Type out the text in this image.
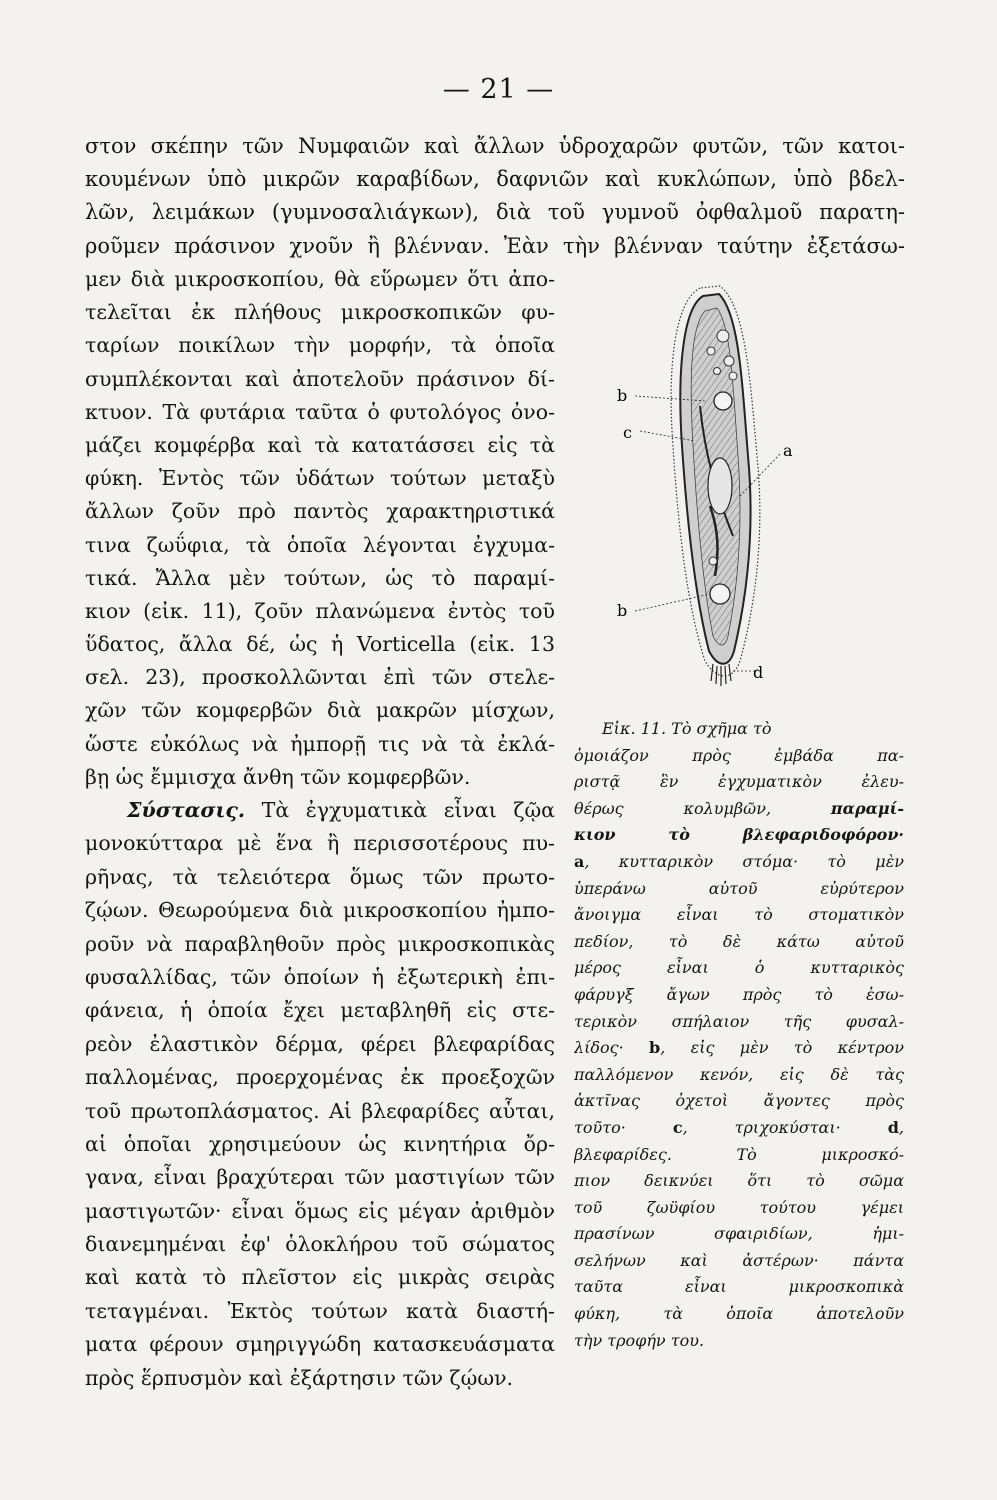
— 21 —
στον σκέπην τῶν Νυμφαιῶν καὶ ἄλλων ὑδροχαρῶν φυτῶν, τῶν κατοι-
κουμένων ὑπὸ μικρῶν καραβίδων, δαφνιῶν καὶ κυκλώπων, ὑπὸ βδελ-
λῶν, λειμάκων (γυμνοσαλιάγκων), διὰ τοῦ γυμνοῦ ὀφθαλμοῦ παρατη-
ροῦμεν πράσινον χνοῦν ἢ βλένναν. Ἐὰν τὴν βλένναν ταύτην ἐξετάσω-
μεν διὰ μικροσκοπίου, θὰ εὕρωμεν ὅτι ἀπο-
τελεῖται ἐκ πλήθους μικροσκοπικῶν φυ-
ταρίων ποικίλων τὴν μορφήν, τὰ ὁποῖα
συμπλέκονται καὶ ἀποτελοῦν πράσινον δί-
κτυον. Τὰ φυτάρια ταῦτα ὁ φυτολόγος ὀνο-
μάζει κομφέρβα καὶ τὰ κατατάσσει εἰς τὰ
φύκη. Ἐντὸς τῶν ὑδάτων τούτων μεταξὺ
ἄλλων ζοῦν πρὸ παντὸς χαρακτηριστικά
τινα ζωΰφια, τὰ ὁποῖα λέγονται ἐγχυμα-
τικά. Ἄλλα μὲν τούτων, ὡς τὸ παραμί-
κιον (εἰκ. 11), ζοῦν πλανώμενα ἐντὸς τοῦ
ὕδατος, ἄλλα δέ, ὡς ἡ Vorticella (εἰκ. 13
σελ. 23), προσκολλῶνται ἐπὶ τῶν στελε-
χῶν τῶν κομφερβῶν διὰ μακρῶν μίσχων,
ὥστε εὐκόλως νὰ ἠμπορῇ τις νὰ τὰ ἐκλά-
βῃ ὡς ἔμμισχα ἄνθη τῶν κομφερβῶν.
Σύστασις. Τὰ ἐγχυματικὰ εἶναι ζῷα
μονοκύτταρα μὲ ἕνα ἢ περισσοτέρους πυ-
ρῆνας, τὰ τελειότερα ὅμως τῶν πρωτο-
ζῴων. Θεωρούμενα διὰ μικροσκοπίου ἠμπο-
ροῦν νὰ παραβληθοῦν πρὸς μικροσκοπικὰς
φυσαλλίδας, τῶν ὁποίων ἡ ἐξωτερικὴ ἐπι-
φάνεια, ἡ ὁποία ἔχει μεταβληθῆ εἰς στε-
ρεὸν ἐλαστικὸν δέρμα, φέρει βλεφαρίδας
παλλομένας, προερχομένας ἐκ προεξοχῶν
τοῦ πρωτοπλάσματος. Αἱ βλεφαρίδες αὗται,
αἱ ὁποῖαι χρησιμεύουν ὡς κινητήρια ὄρ-
γανα, εἶναι βραχύτεραι τῶν μαστιγίων τῶν
μαστιγωτῶν· εἶναι ὅμως εἰς μέγαν ἀριθμὸν
διανεμημέναι ἐφ' ὁλοκλήρου τοῦ σώματος
καὶ κατὰ τὸ πλεῖστον εἰς μικρὰς σειρὰς
τεταγμέναι. Ἐκτὸς τούτων κατὰ διαστή-
ματα φέρουν σμηριγγώδη κατασκευάσματα
πρὸς ἕρπυσμὸν καὶ ἐξάρτησιν τῶν ζῴων.
b
c
a
b
d
Εἰκ. 11. Τὸ σχῆμα τὸ
ὁμοιάζον πρὸς ἐμβάδα πα-
ριστᾷ ἓν ἐγχυματικὸν ἐλευ-
θέρως κολυμβῶν, παραμί-
κιον τὸ βλεφαριδοφόρον·
a, κυτταρικὸν στόμα· τὸ μὲν
ὑπεράνω αὐτοῦ εὐρύτερον
ἄνοιγμα εἶναι τὸ στοματικὸν
πεδίον, τὸ δὲ κάτω αὐτοῦ
μέρος εἶναι ὁ κυτταρικὸς
φάρυγξ ἄγων πρὸς τὸ ἐσω-
τερικὸν σπήλαιον τῆς φυσαλ-
λίδος· b, εἰς μὲν τὸ κέντρον
παλλόμενον κενόν, εἰς δὲ τὰς
ἀκτῖνας ὀχετοὶ ἄγοντες πρὸς
τοῦτο· c, τριχοκύσται· d,
βλεφαρίδες. Τὸ μικροσκό-
πιον δεικνύει ὅτι τὸ σῶμα
τοῦ ζωϋφίου τούτου γέμει
πρασίνων σφαιριδίων, ἡμι-
σελήνων καὶ ἀστέρων· πάντα
ταῦτα εἶναι μικροσκοπικὰ
φύκη, τὰ ὁποῖα ἀποτελοῦν
τὴν τροφήν του.
